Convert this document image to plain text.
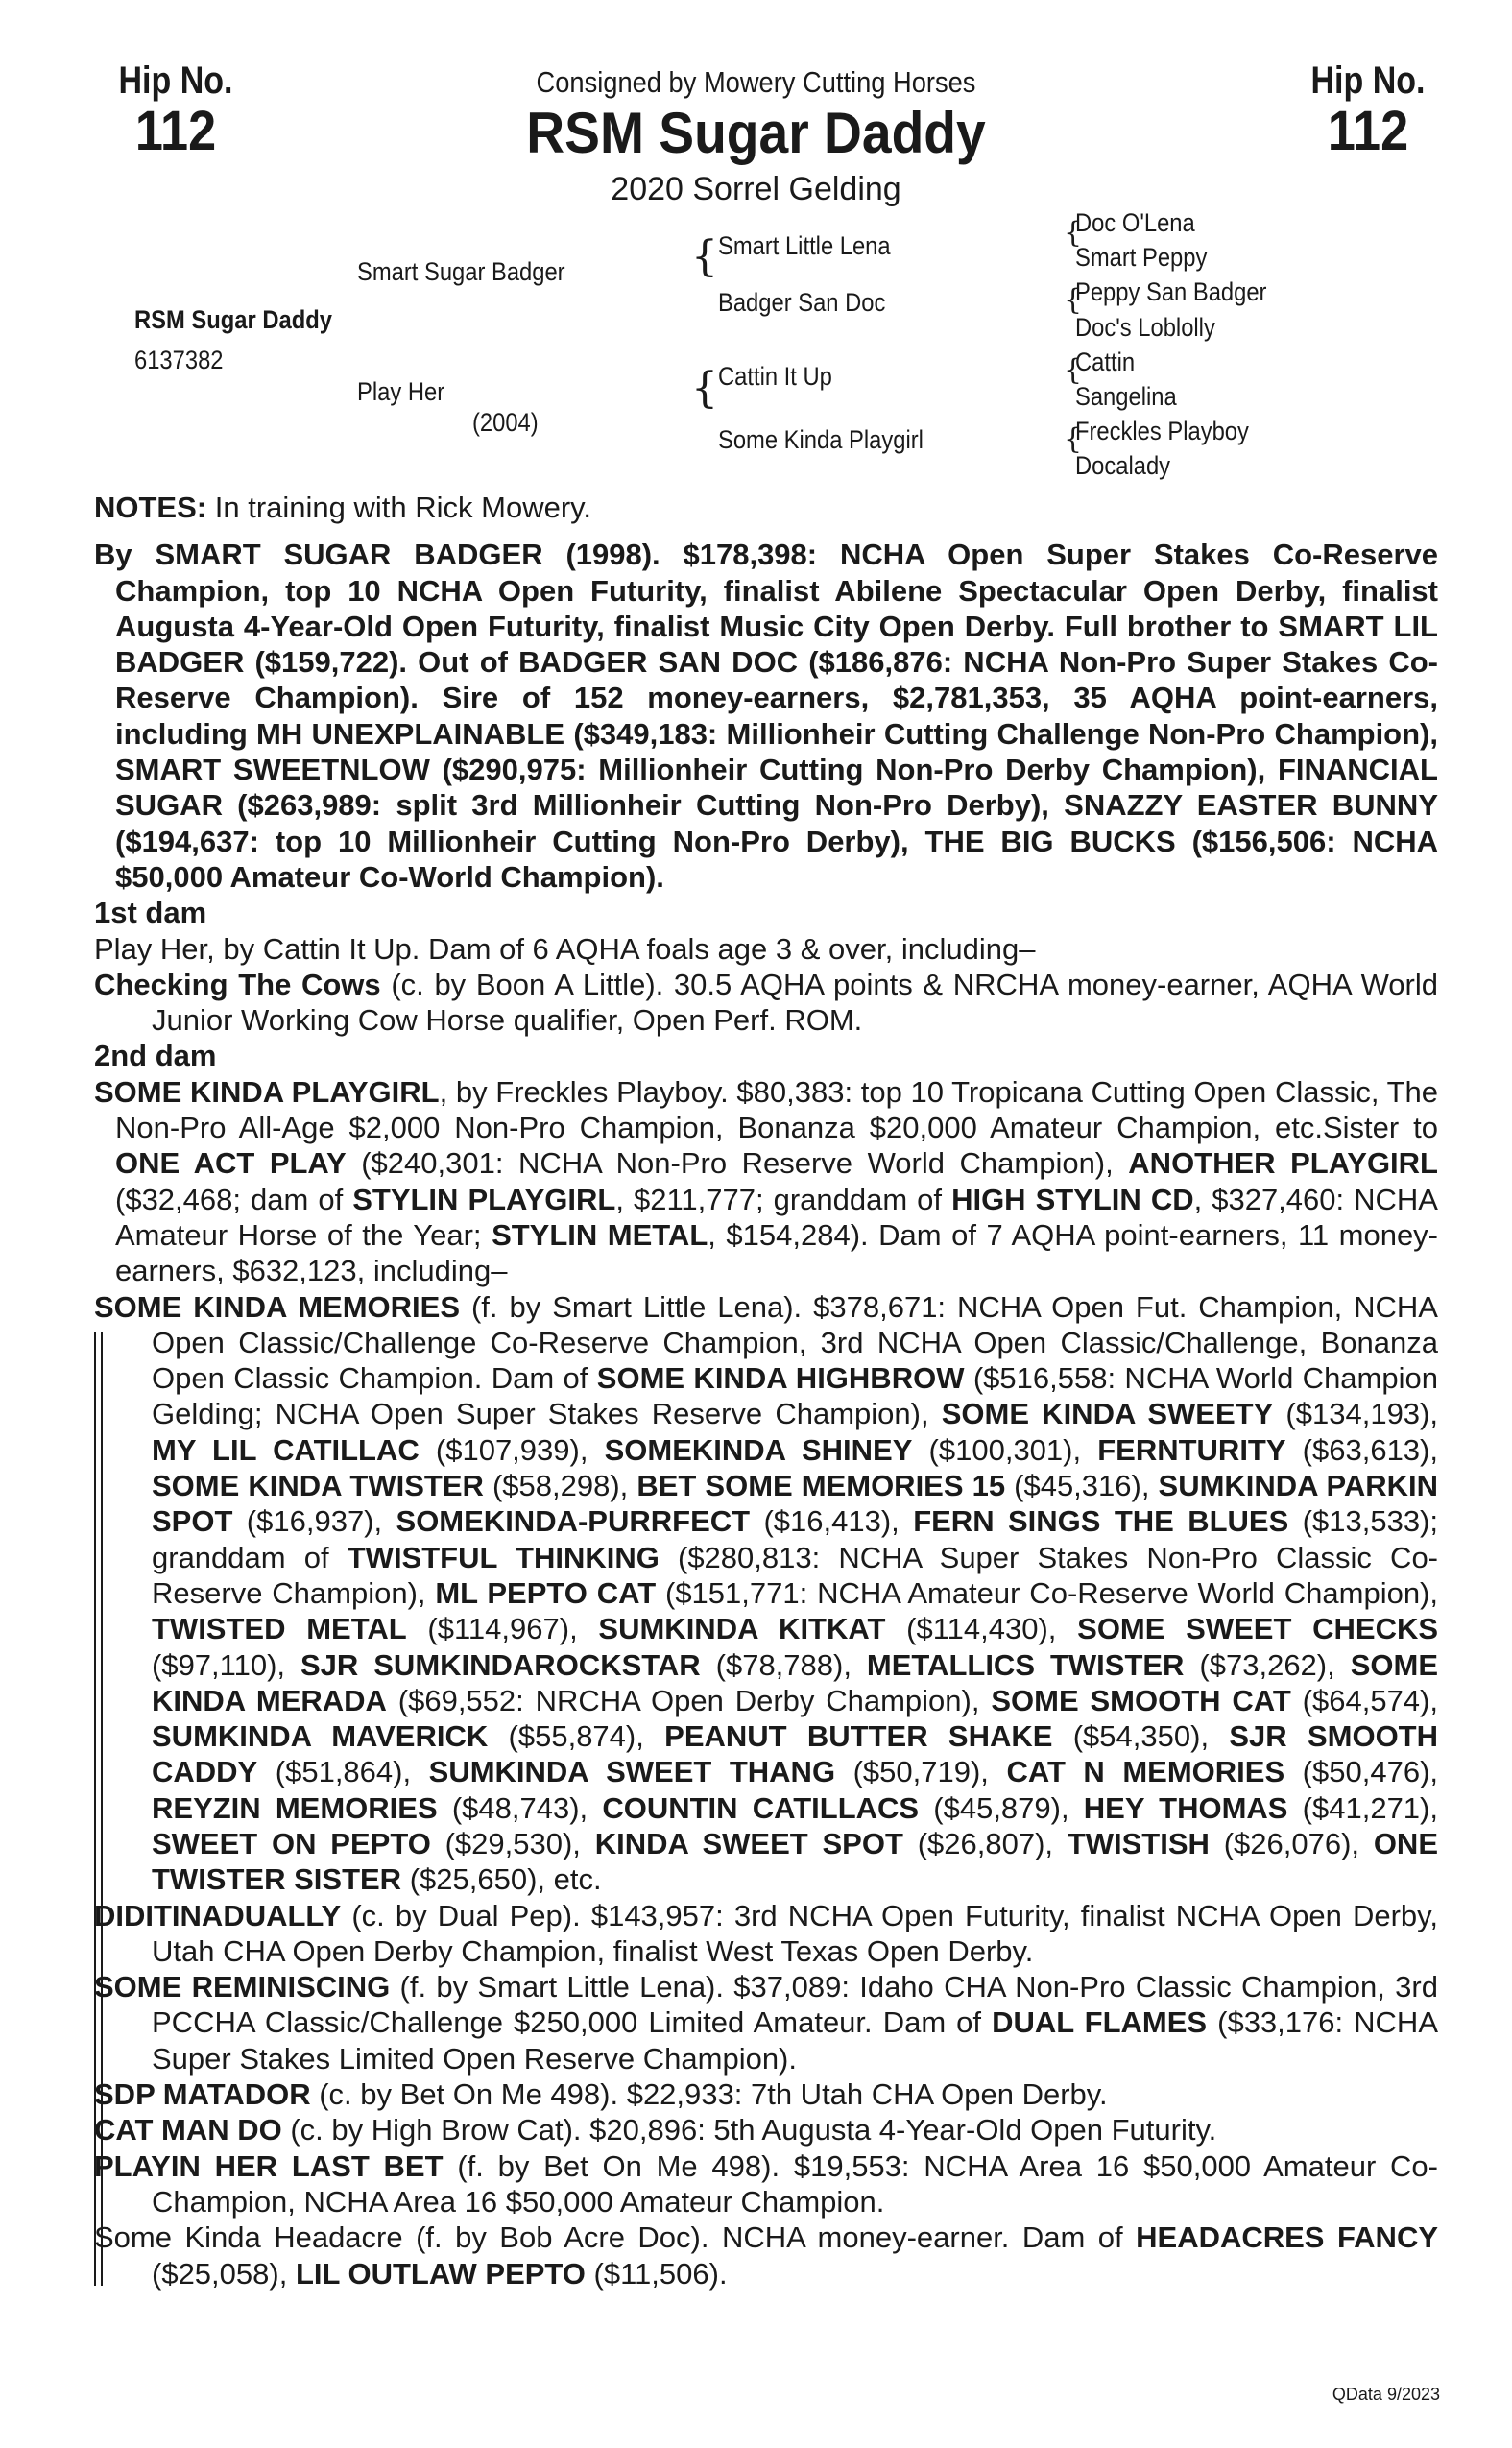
Hip No.
112
Hip No.
112
Consigned by Mowery Cutting Horses
RSM Sugar Daddy
2020 Sorrel Gelding
RSM Sugar Daddy
6137382
Smart Sugar Badger
Play Her
(2004)
{ Smart Little Lena
Badger San Doc
{ Cattin It Up
Some Kinda Playgirl
{
Doc O'Lena
Smart Peppy
{
Peppy San Badger
Doc's Loblolly
{
Cattin
Sangelina
{
Freckles Playboy
Docalady

NOTES: In training with Rick Mowery.

By SMART SUGAR BADGER (1998). $178,398: NCHA Open Super Stakes Co-Reserve Champion, top 10 NCHA Open Futurity, finalist Abilene Spectacular Open Derby, finalist Augusta 4-Year-Old Open Futurity, finalist Music City Open Derby. Full brother to SMART LIL BADGER ($159,722). Out of BADGER SAN DOC ($186,876: NCHA Non-Pro Super Stakes Co-Reserve Champion). Sire of 152 money-earners, $2,781,353, 35 AQHA point-earners, including MH UNEXPLAINABLE ($349,183: Millionheir Cutting Challenge Non-Pro Champion), SMART SWEETNLOW ($290,975: Millionheir Cutting Non-Pro Derby Champion), FINANCIAL SUGAR ($263,989: split 3rd Millionheir Cutting Non-Pro Derby), SNAZZY EASTER BUNNY ($194,637: top 10 Millionheir Cutting Non-Pro Derby), THE BIG BUCKS ($156,506: NCHA $50,000 Amateur Co-World Champion).

1st dam

Play Her, by Cattin It Up. Dam of 6 AQHA foals age 3 & over, including–

Checking The Cows (c. by Boon A Little). 30.5 AQHA points & NRCHA money-earner, AQHA World Junior Working Cow Horse qualifier, Open Perf. ROM.

2nd dam

SOME KINDA PLAYGIRL, by Freckles Playboy. $80,383: top 10 Tropicana Cutting Open Classic, The Non-Pro All-Age $2,000 Non-Pro Champion, Bonanza $20,000 Amateur Champion, etc.Sister to ONE ACT PLAY ($240,301: NCHA Non-Pro Reserve World Champion), ANOTHER PLAYGIRL ($32,468; dam of STYLIN PLAYGIRL, $211,777; granddam of HIGH STYLIN CD, $327,460: NCHA Amateur Horse of the Year; STYLIN METAL, $154,284). Dam of 7 AQHA point-earners, 11 money-earners, $632,123, including–

SOME KINDA MEMORIES (f. by Smart Little Lena). $378,671: NCHA Open Fut. Champion, NCHA Open Classic/Challenge Co-Reserve Champion, 3rd NCHA Open Classic/Challenge, Bonanza Open Classic Champion. Dam of SOME KINDA HIGHBROW ($516,558: NCHA World Champion Gelding; NCHA Open Super Stakes Reserve Champion), SOME KINDA SWEETY ($134,193), MY LIL CATILLAC ($107,939), SOMEKINDA SHINEY ($100,301), FERNTURITY ($63,613), SOME KINDA TWISTER ($58,298), BET SOME MEMORIES 15 ($45,316), SUMKINDA PARKIN SPOT ($16,937), SOMEKINDA-PURRFECT ($16,413), FERN SINGS THE BLUES ($13,533); granddam of TWISTFUL THINKING ($280,813: NCHA Super Stakes Non-Pro Classic Co-Reserve Champion), ML PEPTO CAT ($151,771: NCHA Amateur Co-Reserve World Champion), TWISTED METAL ($114,967), SUMKINDA KITKAT ($114,430), SOME SWEET CHECKS ($97,110), SJR SUMKINDAROCKSTAR ($78,788), METALLICS TWISTER ($73,262), SOME KINDA MERADA ($69,552: NRCHA Open Derby Champion), SOME SMOOTH CAT ($64,574), SUMKINDA MAVERICK ($55,874), PEANUT BUTTER SHAKE ($54,350), SJR SMOOTH CADDY ($51,864), SUMKINDA SWEET THANG ($50,719), CAT N MEMORIES ($50,476), REYZIN MEMORIES ($48,743), COUNTIN CATILLACS ($45,879), HEY THOMAS ($41,271), SWEET ON PEPTO ($29,530), KINDA SWEET SPOT ($26,807), TWISTISH ($26,076), ONE TWISTER SISTER ($25,650), etc.

DIDITINADUALLY (c. by Dual Pep). $143,957: 3rd NCHA Open Futurity, finalist NCHA Open Derby, Utah CHA Open Derby Champion, finalist West Texas Open Derby.

SOME REMINISCING (f. by Smart Little Lena). $37,089: Idaho CHA Non-Pro Classic Champion, 3rd PCCHA Classic/Challenge $250,000 Limited Amateur. Dam of DUAL FLAMES ($33,176: NCHA Super Stakes Limited Open Reserve Champion).

SDP MATADOR (c. by Bet On Me 498). $22,933: 7th Utah CHA Open Derby.

CAT MAN DO (c. by High Brow Cat). $20,896: 5th Augusta 4-Year-Old Open Futurity.

PLAYIN HER LAST BET (f. by Bet On Me 498). $19,553: NCHA Area 16 $50,000 Amateur Co-Champion, NCHA Area 16 $50,000 Amateur Champion.

Some Kinda Headacre (f. by Bob Acre Doc). NCHA money-earner. Dam of HEADACRES FANCY ($25,058), LIL OUTLAW PEPTO ($11,506).

QData 9/2023
